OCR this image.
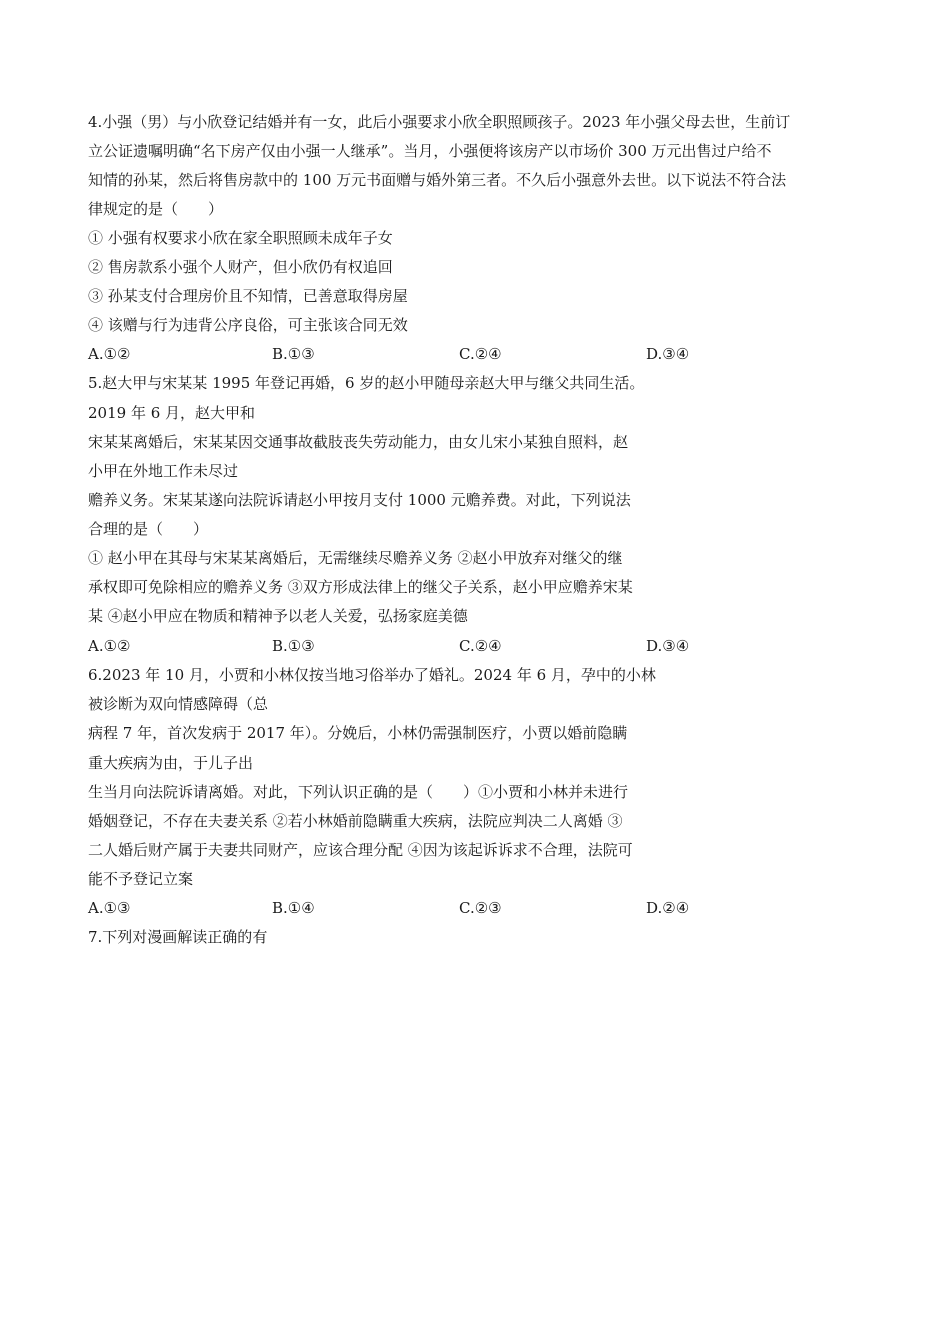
4.小强（男）与小欣登记结婚并有一女，此后小强要求小欣全职照顾孩子。2023 年小强父母去世，生前订
立公证遗嘱明确“名下房产仅由小强一人继承”。当月，小强便将该房产以市场价 300 万元出售过户给不
知情的孙某，然后将售房款中的 100 万元书面赠与婚外第三者。不久后小强意外去世。以下说法不符合法
律规定的是（　　）
① 小强有权要求小欣在家全职照顾未成年子女
② 售房款系小强个人财产，但小欣仍有权追回
③ 孙某支付合理房价且不知情，已善意取得房屋
④ 该赠与行为违背公序良俗，可主张该合同无效
A.①②	B.①③	C.②④	D.③④
5.赵大甲与宋某某 1995 年登记再婚，6 岁的赵小甲随母亲赵大甲与继父共同生活。
2019 年 6 月，赵大甲和
宋某某离婚后，宋某某因交通事故截肢丧失劳动能力，由女儿宋小某独自照料，赵
小甲在外地工作未尽过
赡养义务。宋某某遂向法院诉请赵小甲按月支付 1000 元赡养费。对此，下列说法
合理的是（　　）
① 赵小甲在其母与宋某某离婚后，无需继续尽赡养义务 ②赵小甲放弃对继父的继
承权即可免除相应的赡养义务 ③双方形成法律上的继父子关系，赵小甲应赡养宋某
某 ④赵小甲应在物质和精神予以老人关爱，弘扬家庭美德
A.①②	B.①③	C.②④	D.③④
6.2023 年 10 月，小贾和小林仅按当地习俗举办了婚礼。2024 年 6 月，孕中的小林
被诊断为双向情感障碍（总
病程 7 年，首次发病于 2017 年）。分娩后，小林仍需强制医疗，小贾以婚前隐瞒
重大疾病为由，于儿子出
生当月向法院诉请离婚。对此，下列认识正确的是（　　）①小贾和小林并未进行
婚姻登记，不存在夫妻关系 ②若小林婚前隐瞒重大疾病，法院应判决二人离婚 ③
二人婚后财产属于夫妻共同财产，应该合理分配 ④因为该起诉诉求不合理，法院可
能不予登记立案
A.①③	B.①④	C.②③	D.②④
7.下列对漫画解读正确的有
